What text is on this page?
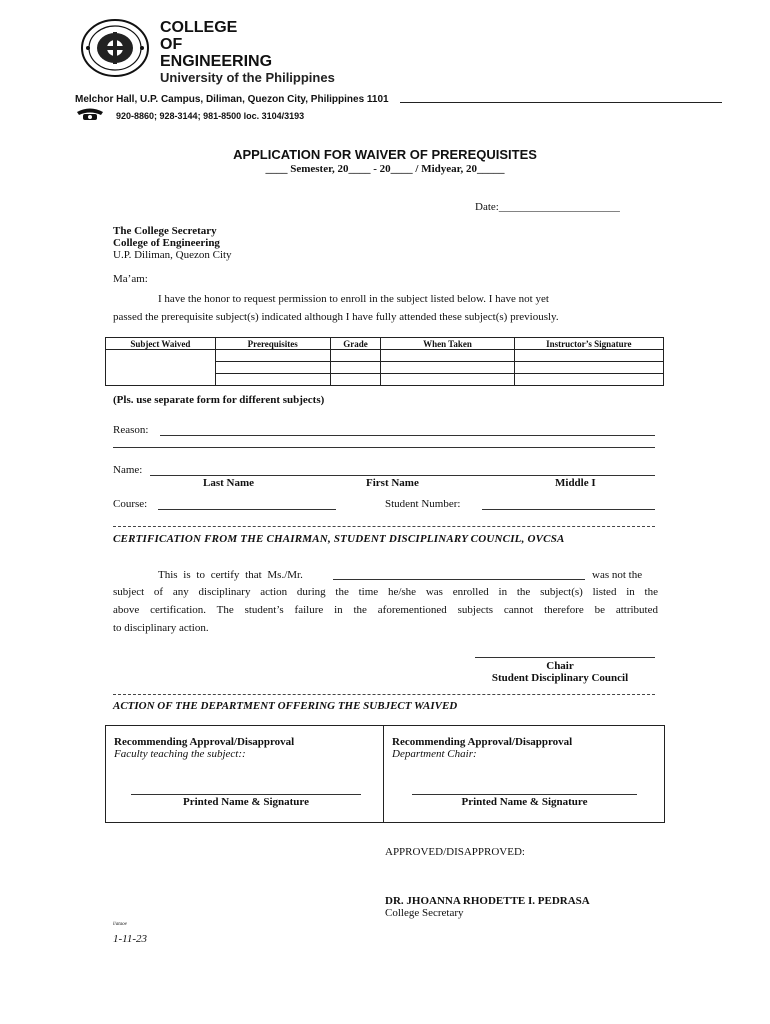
COLLEGE
OF
ENGINEERING
University of the Philippines
Melchor Hall, U.P. Campus, Diliman, Quezon City, Philippines 1101
920-8860; 928-3144; 981-8500 loc. 3104/3193
APPLICATION FOR WAIVER OF PREREQUISITES
____ Semester, 20____ - 20____ / Midyear, 20_____
Date:______________________
The College Secretary
College of Engineering
U.P. Diliman, Quezon City
Ma’am:
I have the honor to request permission to enroll in the subject listed below. I have not yet
passed the prerequisite subject(s) indicated although I have fully attended these subject(s) previously.
Subject Waived	Prerequisites	Grade	When Taken	Instructor’s Signature

(Pls. use separate form for different subjects)
Reason:
Name:
Last Name	First Name	Middle I
Course:	Student Number:
CERTIFICATION FROM THE CHAIRMAN, STUDENT DISCIPLINARY COUNCIL, OVCSA
This is to certify that Ms./Mr.	was not the
subject of any disciplinary action during the time he/she was enrolled in the subject(s) listed in the
above certification. The student’s failure in the aforementioned subjects cannot therefore be attributed
to disciplinary action.
Chair
Student Disciplinary Council
ACTION OF THE DEPARTMENT OFFERING THE SUBJECT WAIVED
Recommending Approval/Disapproval
Faculty teaching the subject::
Printed Name & Signature
Recommending Approval/Disapproval
Department Chair:
Printed Name & Signature
APPROVED/DISAPPROVED:
DR. JHOANNA RHODETTE I. PEDRASA
College Secretary
l/ataoe
1-11-23
